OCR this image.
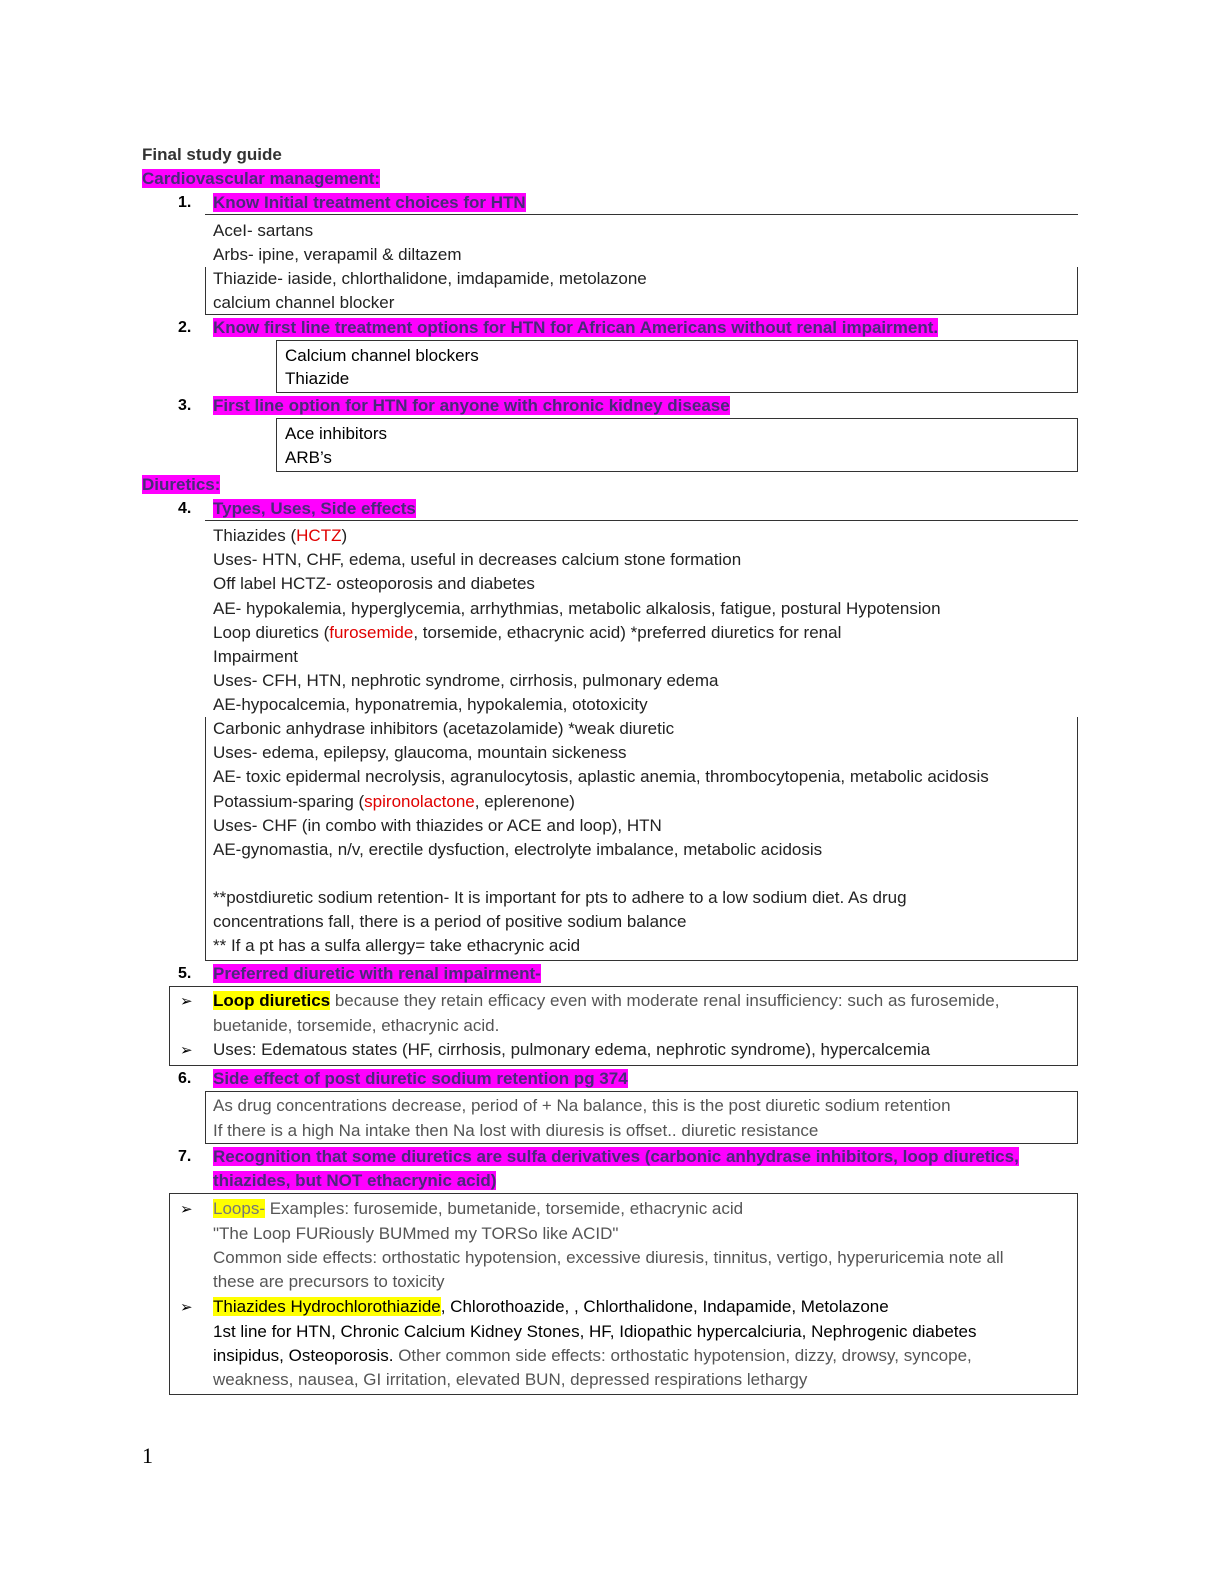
Final study guide
Cardiovascular management:
1. Know Initial treatment choices for HTN
AceI- sartans
Arbs- ipine, verapamil & diltazem
Thiazide- iaside, chlorthalidone, imdapamide, metolazone
calcium channel blocker
2. Know first line treatment options for HTN for African Americans without renal impairment.
Calcium channel blockers
Thiazide
3. First line option for HTN for anyone with chronic kidney disease
Ace inhibitors
ARB’s
Diuretics:
4. Types, Uses, Side effects
Thiazides (HCTZ)
Uses- HTN, CHF, edema, useful in decreases calcium stone formation
Off label HCTZ- osteoporosis and diabetes
AE- hypokalemia, hyperglycemia, arrhythmias, metabolic alkalosis, fatigue, postural Hypotension
Loop diuretics (furosemide, torsemide, ethacrynic acid) *preferred diuretics for renal
Impairment
Uses- CFH, HTN, nephrotic syndrome, cirrhosis, pulmonary edema
AE-hypocalcemia, hyponatremia, hypokalemia, ototoxicity
Carbonic anhydrase inhibitors (acetazolamide) *weak diuretic
Uses- edema, epilepsy, glaucoma, mountain sickeness
AE- toxic epidermal necrolysis, agranulocytosis, aplastic anemia, thrombocytopenia, metabolic acidosis
Potassium-sparing (spironolactone, eplerenone)
Uses- CHF (in combo with thiazides or ACE and loop), HTN
AE-gynomastia, n/v, erectile dysfuction, electrolyte imbalance, metabolic acidosis
**postdiuretic sodium retention- It is important for pts to adhere to a low sodium diet. As drug
concentrations fall, there is a period of positive sodium balance
** If a pt has a sulfa allergy= take ethacrynic acid
5. Preferred diuretic with renal impairment-
➢ Loop diuretics because they retain efficacy even with moderate renal insufficiency: such as furosemide,
buetanide, torsemide, ethacrynic acid.
➢ Uses: Edematous states (HF, cirrhosis, pulmonary edema, nephrotic syndrome), hypercalcemia
6. Side effect of post diuretic sodium retention pg 374
As drug concentrations decrease, period of + Na balance, this is the post diuretic sodium retention
If there is a high Na intake then Na lost with diuresis is offset.. diuretic resistance
7. Recognition that some diuretics are sulfa derivatives (carbonic anhydrase inhibitors, loop diuretics,
thiazides, but NOT ethacrynic acid)
➢ Loops- Examples: furosemide, bumetanide, torsemide, ethacrynic acid
"The Loop FURiously BUMmed my TORSo like ACID"
Common side effects: orthostatic hypotension, excessive diuresis, tinnitus, vertigo, hyperuricemia note all
these are precursors to toxicity
➢ Thiazides Hydrochlorothiazide, Chlorothoazide, , Chlorthalidone, Indapamide, Metolazone
1st line for HTN, Chronic Calcium Kidney Stones, HF, Idiopathic hypercalciuria, Nephrogenic diabetes
insipidus, Osteoporosis. Other common side effects: orthostatic hypotension, dizzy, drowsy, syncope,
weakness, nausea, GI irritation, elevated BUN, depressed respirations lethargy
1
